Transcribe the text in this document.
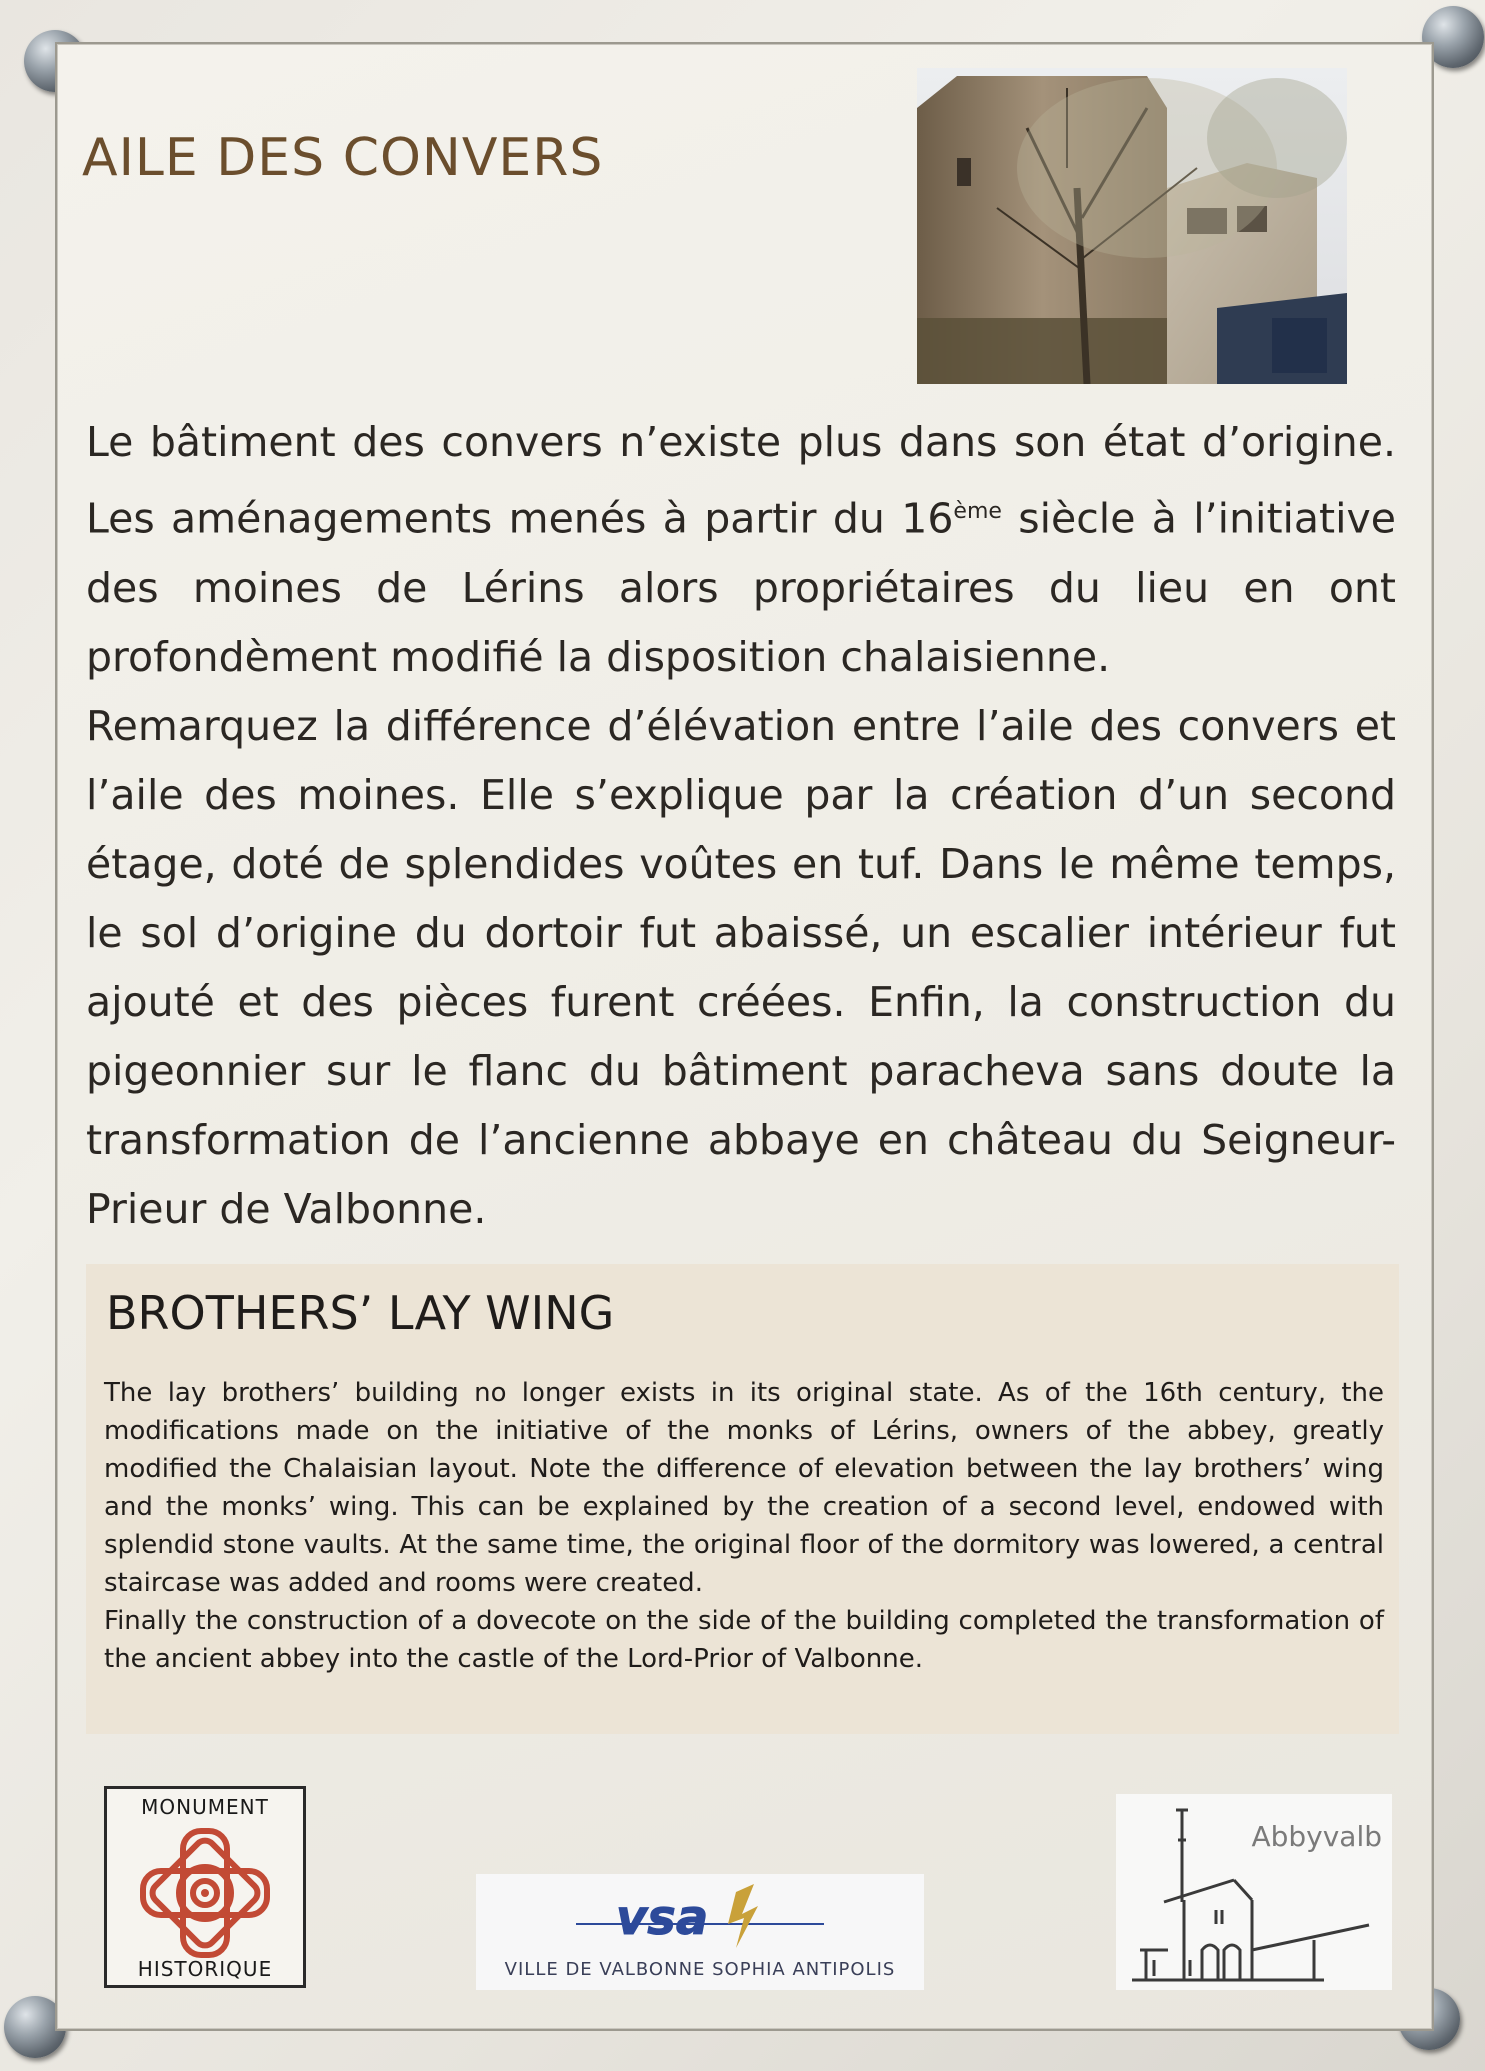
AILE DES CONVERS
Le bâtiment des convers n’existe plus dans son état d’origine. Les aménagements menés à partir du 16ème siècle à l’initiative des moines de Lérins alors propriétaires du lieu en ont profondèment modifié la disposition chalaisienne.
Remarquez la différence d’élévation entre l’aile des convers et l’aile des moines. Elle s’explique par la création d’un second étage, doté de splendides voûtes en tuf. Dans le même temps, le sol d’origine du dortoir fut abaissé, un escalier intérieur fut ajouté et des pièces furent créées. Enfin, la construction du pigeonnier sur le flanc du bâtiment paracheva sans doute la transformation de l’ancienne abbaye en château du Seigneur-Prieur de Valbonne.
BROTHERS’ LAY WING

The lay brothers’ building no longer exists in its original state. As of the 16th century, the modifications made on the initiative of the monks of Lérins, owners of the abbey, greatly modified the Chalaisian layout. Note the difference of elevation between the lay brothers’ wing and the monks’ wing. This can be explained by the creation of a second level, endowed with splendid stone vaults. At the same time, the original floor of the dormitory was lowered, a central staircase was added and rooms were created.

Finally the construction of a dovecote on the side of the building completed the transformation of the ancient abbey into the castle of the Lord-Prior of Valbonne.

MONUMENT
HISTORIQUE
vsa
VILLE DE VALBONNE SOPHIA ANTIPOLIS
Abbyvalb
